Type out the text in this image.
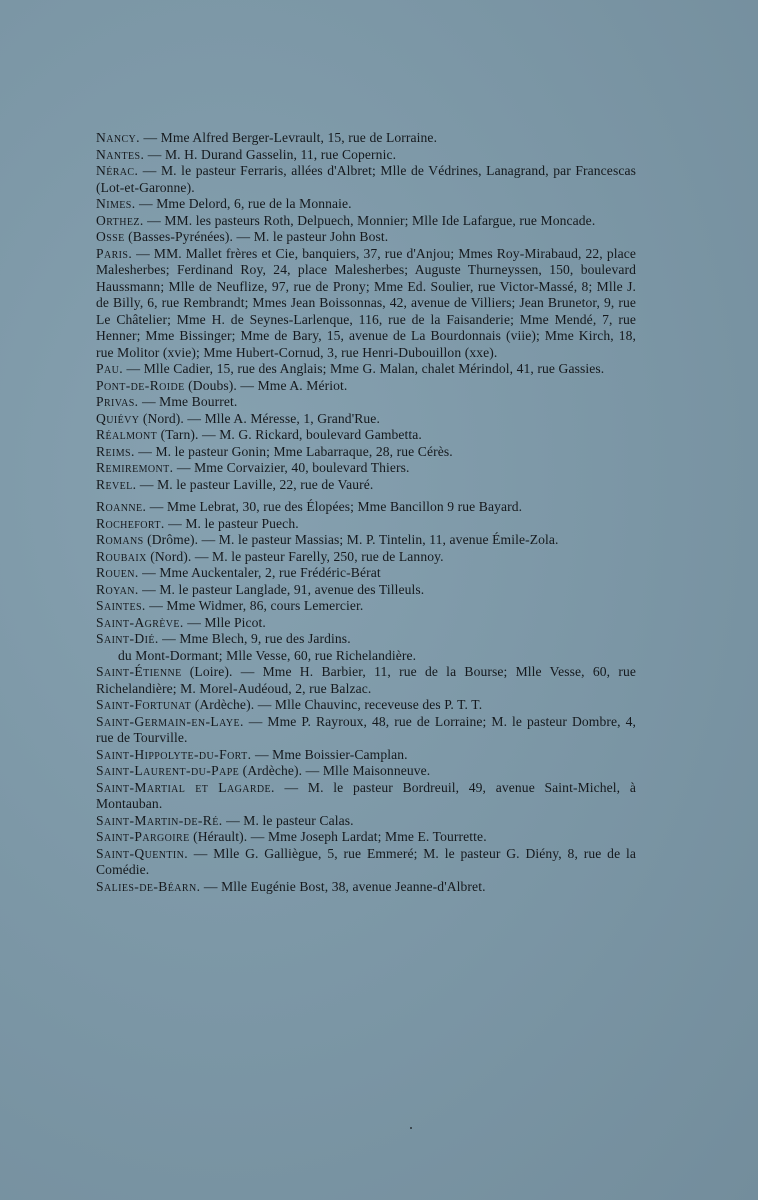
Nancy. — Mme Alfred Berger-Levrault, 15, rue de Lorraine.

Nantes. — M. H. Durand Gasselin, 11, rue Copernic.

Nérac. — M. le pasteur Ferraris, allées d'Albret; Mlle de Védrines, Lanagrand, par Francescas (Lot-et-Garonne).

Nimes. — Mme Delord, 6, rue de la Monnaie.

Orthez. — MM. les pasteurs Roth, Delpuech, Monnier; Mlle Ide Lafargue, rue Moncade.

Osse (Basses-Pyrénées). — M. le pasteur John Bost.

Paris. — MM. Mallet frères et Cie, banquiers, 37, rue d'Anjou; Mmes Roy-Mirabaud, 22, place Malesherbes; Ferdinand Roy, 24, place Malesherbes; Auguste Thurneyssen, 150, boulevard Haussmann; Mlle de Neuflize, 97, rue de Prony; Mme Ed. Soulier, rue Victor-Massé, 8; Mlle J. de Billy, 6, rue Rembrandt; Mmes Jean Boissonnas, 42, avenue de Villiers; Jean Brunetor, 9, rue Le Châtelier; Mme H. de Seynes-Larlenque, 116, rue de la Faisanderie; Mme Mendé, 7, rue Henner; Mme Bissinger; Mme de Bary, 15, avenue de La Bourdonnais (viie); Mme Kirch, 18, rue Molitor (xvie); Mme Hubert-Cornud, 3, rue Henri-Dubouillon (xxe).

Pau. — Mlle Cadier, 15, rue des Anglais; Mme G. Malan, chalet Mérindol, 41, rue Gassies.

Pont-de-Roide (Doubs). — Mme A. Mériot.

Privas. — Mme Bourret.

Quiévy (Nord). — Mlle A. Méresse, 1, Grand'Rue.

Réalmont (Tarn). — M. G. Rickard, boulevard Gambetta.

Reims. — M. le pasteur Gonin; Mme Labarraque, 28, rue Cérès.

Remiremont. — Mme Corvaizier, 40, boulevard Thiers.

Revel. — M. le pasteur Laville, 22, rue de Vauré.

Roanne. — Mme Lebrat, 30, rue des Élopées; Mme Bancillon 9 rue Bayard.

Rochefort. — M. le pasteur Puech.

Romans (Drôme). — M. le pasteur Massias; M. P. Tintelin, 11, avenue Émile-Zola.

Roubaix (Nord). — M. le pasteur Farelly, 250, rue de Lannoy.

Rouen. — Mme Auckentaler, 2, rue Frédéric-Bérat

Royan. — M. le pasteur Langlade, 91, avenue des Tilleuls.

Saintes. — Mme Widmer, 86, cours Lemercier.

Saint-Agrève. — Mlle Picot.

Saint-Dié. — Mme Blech, 9, rue des Jardins.
du Mont-Dormant; Mlle Vesse, 60, rue Richelandière.

Saint-Étienne (Loire). — Mme H. Barbier, 11, rue de la Bourse; Mlle Vesse, 60, rue Richelandière; M. Morel-Audéoud, 2, rue Balzac.

Saint-Fortunat (Ardèche). — Mlle Chauvinc, receveuse des P. T. T.

Saint-Germain-en-Laye. — Mme P. Rayroux, 48, rue de Lorraine; M. le pasteur Dombre, 4, rue de Tourville.

Saint-Hippolyte-du-Fort. — Mme Boissier-Camplan.

Saint-Laurent-du-Pape (Ardèche). — Mlle Maisonneuve.

Saint-Martial et Lagarde. — M. le pasteur Bordreuil, 49, avenue Saint-Michel, à Montauban.

Saint-Martin-de-Ré. — M. le pasteur Calas.

Saint-Pargoire (Hérault). — Mme Joseph Lardat; Mme E. Tourrette.

Saint-Quentin. — Mlle G. Galliègue, 5, rue Emmeré; M. le pasteur G. Diény, 8, rue de la Comédie.

Salies-de-Béarn. — Mlle Eugénie Bost, 38, avenue Jeanne-d'Albret.
